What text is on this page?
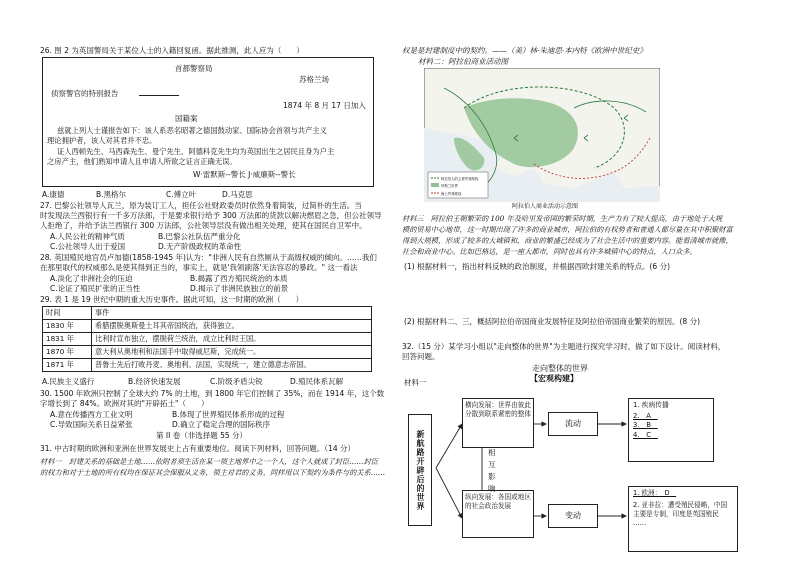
26. 图 2 为英国警局关于某位人士的入籍回复函。据此推测，此人应为（　　）
首都警察局
苏格兰场
侦察警官的特别报告
1874 年 8 月 17 日加入
国籍案
兹就上列人士谨报告如下：该人系恶名昭著之德国鼓动家、国际协会首领与共产主义
理论拥护者，该人对其君并不忠。
证人西顿先生、马西森先生、曼宁先生、阿德科克先生均为英国出生之居民且身为户主
之房产主，他们熟知申请人且申请人所欲之证言正确无误。
W·雷默斯--警长 J·威廉斯--警长
A.康德	B.黑格尔	C.傅立叶	D.马克思
27. 巴黎公社领导人瓦兰，原为装订工人，担任公社财政委员时依然身着简装，过简朴的生活。当
时发现法兰西银行有一千多万法郎，于是要求银行给予 300 万法郎的货款以解决燃眉之急，但公社领导
人拒绝了，并给予法兰西银行 300 万法郎，公社领导层没有做出相关处理，使其在国民自卫军中。
A.人民公社的精神气质	B.巴黎公社队伍严重分化
C.公社领导人出于爱国	D.无产阶级政权的革命性
28. 英国殖民地官员卢加德(1858-1945 年)认为："非洲人民有自然厕从于高级权威的倾向。……我们
在那里取代的权威那么是使其得到正当的，事实上，就是'我领副落'无法容忍的暴政。" 这一看法
A.淡化了非洲社会的压迫	B.揭露了西方殖民统治的本质
C.论证了殖民扩张的正当性	D.揭示了非洲民族独立的前景
29. 表 1 是 19 世纪中期的重大历史事件。据此可知，这一时期的欧洲（　　）
时间	事件
1830 年	希腊摆脱奥斯曼土耳其帝国统治，获得独立。
1831 年	比利时宣布独立，摆脱荷兰统治，成立比利时王国。
1870 年	意大利从奥地利和法国手中取得威尼斯，完成统一。
1871 年	普鲁士先后打败丹麦、奥地利、法国，实现统一，建立德意志帝国。
A.民族主义盛行	B.经济快速发展	C.阶级矛盾尖锐	D.殖民体系瓦解
30. 1500 年欧洲只控制了全球大约 7% 的土地，到 1800 年它们控制了 35%，而在 1914 年，这个数
字增长到了 84%。欧洲对其的"开辟拓土"（　　）
A.意在传播西方工业文明	B.体现了世界殖民体系形成的过程
C.导致国际关系日益紧张	D.确立了稳定合理的国际秩序
第 II 卷（非选择题 55 分）
31. 中古时期的欧洲和亚洲在世界发展史上占有重要地位。阅读下列材料，回答问题。（14 分）
材料一　封建关系的基础是土地……依附者须生活在某一领主地界中之一个人，这个人就成了封臣……封臣
的权力和对于土地的所有权均在保证其会保服从义务，领主对君的义务，同样用以下契约为条件与的关系……
权是是封建制度中的契约。——（美）林·朱迪思·本内特《欧洲中世纪史》
材料二：阿拉伯商业活动图
阿拉伯人的主要贸易路线
伊斯兰世界
海上贸易路线
阿拉伯人商业活动示意图
材料三　阿拉伯王朝繁荣的 100 年及哈里发帝国的繁荣时期，生产力有了较大提高，由于地处于大规
模的贸易中心地带，这一时期出现了许多的商业城市，阿拉伯的有权势者和普通人都尽量在其中积聚财富
得到大规模，形成了较多的大城镇和，商业的繁盛已经成为了社会生活中的重要内容。能看清城市就像，
社会和商业中心。比如巴格达，是一座大都市，同时也具有许多城镇中心的特点，人口众多。
(1) 根据材料一，指出材料反映的政治制度，并根据西欧封建关系的特点。(6 分)
(2) 根据材料二、三，概括阿拉伯帝国商业发展特征及阿拉伯帝国商业繁荣的原因。(8 分)
32.（15 分）某学习小组以"走向整体的世界"为主题进行探究学习时，做了如下设计。阅读材料，
回答问题。
走向整体的世界
【宏观构建】
材料一
新航路开辟后的世界
横向发展：世界由彼此分散到联系紧密的整体
纵向发展：各国或地区的社会政治发展
相
互
影
响
流动
变动
1. 疾病传播
2.　A　
3.　B　
4.　C　
1. 欧洲：　D　
2. 亚非拉：遭受殖民侵略，中国主要是专制，印度是英国殖民
……
